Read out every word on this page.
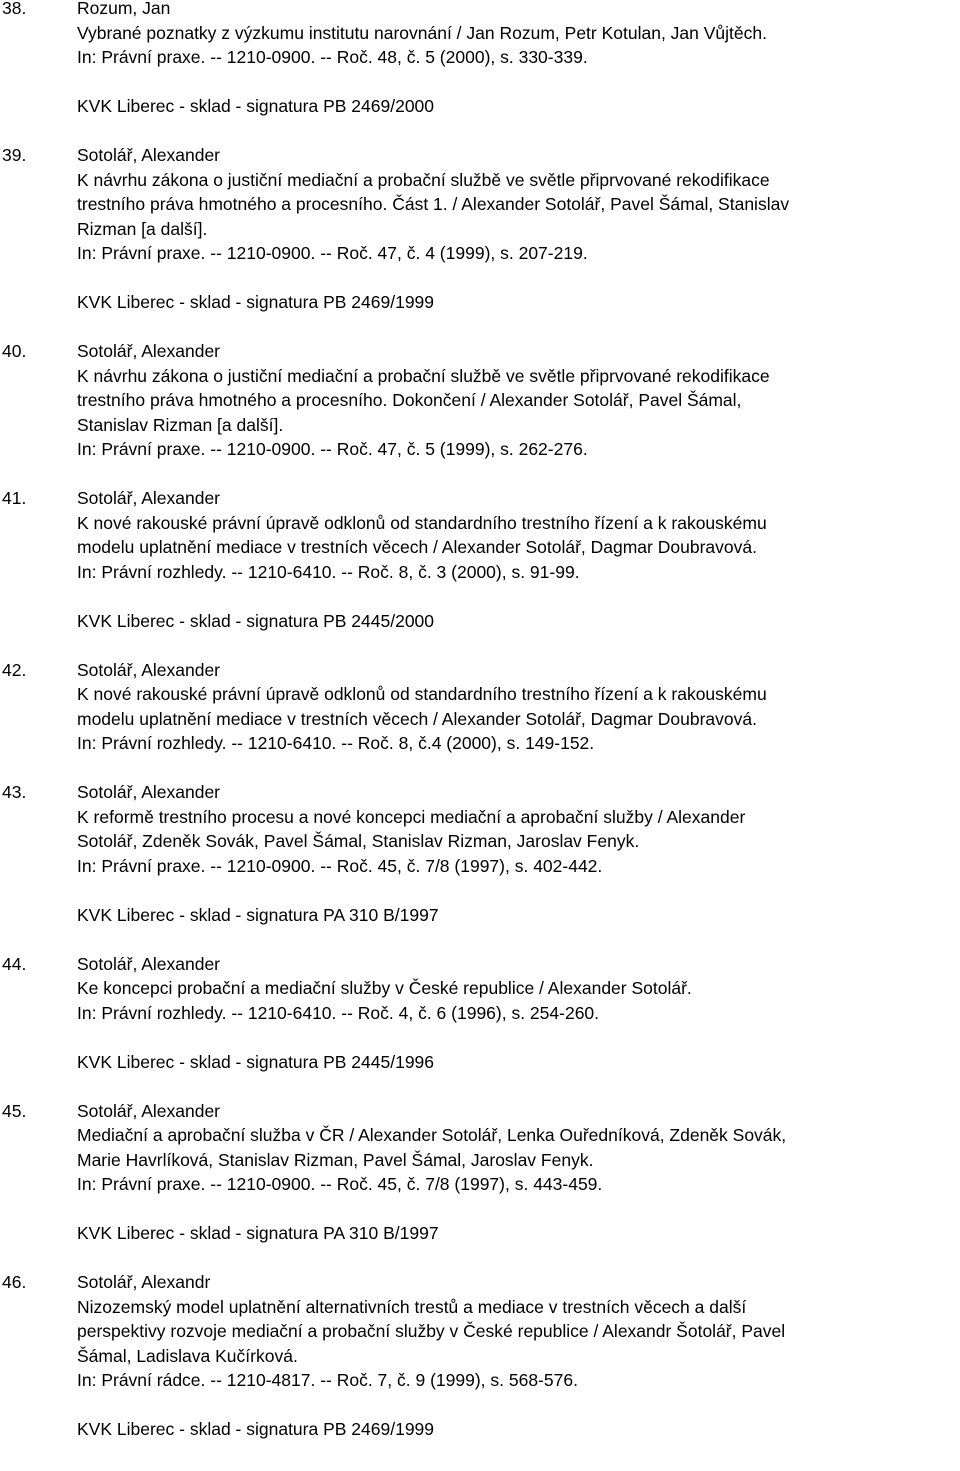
38.	Rozum, Jan
Vybrané poznatky z výzkumu institutu narovnání / Jan Rozum, Petr Kotulan, Jan Vůjtěch.
In: Právní praxe. -- 1210-0900. -- Roč. 48, č. 5 (2000), s. 330-339.
KVK Liberec - sklad - signatura PB 2469/2000
39.	Sotolář, Alexander
K návrhu zákona o justiční mediační a probační službě ve světle připrvované rekodifikace
trestního práva hmotného a procesního. Část 1. / Alexander Sotolář, Pavel Šámal, Stanislav
Rizman [a další].
In: Právní praxe. -- 1210-0900. -- Roč. 47, č. 4 (1999), s. 207-219.
KVK Liberec - sklad - signatura PB 2469/1999
40.	Sotolář, Alexander
K návrhu zákona o justiční mediační a probační službě ve světle připrvované rekodifikace
trestního práva hmotného a procesního. Dokončení / Alexander Sotolář, Pavel Šámal,
Stanislav Rizman [a další].
In: Právní praxe. -- 1210-0900. -- Roč. 47, č. 5 (1999), s. 262-276.
41.	Sotolář, Alexander
K nové rakouské právní úpravě odklonů od standardního trestního řízení a k rakouskému
modelu uplatnění mediace v trestních věcech / Alexander Sotolář, Dagmar Doubravová.
In: Právní rozhledy. -- 1210-6410. -- Roč. 8, č. 3 (2000), s. 91-99.
KVK Liberec - sklad - signatura PB 2445/2000
42.	Sotolář, Alexander
K nové rakouské právní úpravě odklonů od standardního trestního řízení a k rakouskému
modelu uplatnění mediace v trestních věcech / Alexander Sotolář, Dagmar Doubravová.
In: Právní rozhledy. -- 1210-6410. -- Roč. 8, č.4 (2000), s. 149-152.
43.	Sotolář, Alexander
K reformě trestního procesu a nové koncepci mediační a aprobační služby / Alexander
Sotolář, Zdeněk Sovák, Pavel Šámal, Stanislav Rizman, Jaroslav Fenyk.
In: Právní praxe. -- 1210-0900. -- Roč. 45, č. 7/8 (1997), s. 402-442.
KVK Liberec - sklad - signatura PA 310 B/1997
44.	Sotolář, Alexander
Ke koncepci probační a mediační služby v České republice / Alexander Sotolář.
In: Právní rozhledy. -- 1210-6410. -- Roč. 4, č. 6 (1996), s. 254-260.
KVK Liberec - sklad - signatura PB 2445/1996
45.	Sotolář, Alexander
Mediační a aprobační služba v ČR / Alexander Sotolář, Lenka Ouředníková, Zdeněk Sovák,
Marie Havrlíková, Stanislav Rizman, Pavel Šámal, Jaroslav Fenyk.
In: Právní praxe. -- 1210-0900. -- Roč. 45, č. 7/8 (1997), s. 443-459.
KVK Liberec - sklad - signatura PA 310 B/1997
46.	Sotolář, Alexandr
Nizozemský model uplatnění alternativních trestů a mediace v trestních věcech a další
perspektivy rozvoje mediační a probační služby v České republice / Alexandr Šotolář, Pavel
Šámal, Ladislava Kučírková.
In: Právní rádce. -- 1210-4817. -- Roč. 7, č. 9 (1999), s. 568-576.
KVK Liberec - sklad - signatura PB 2469/1999
